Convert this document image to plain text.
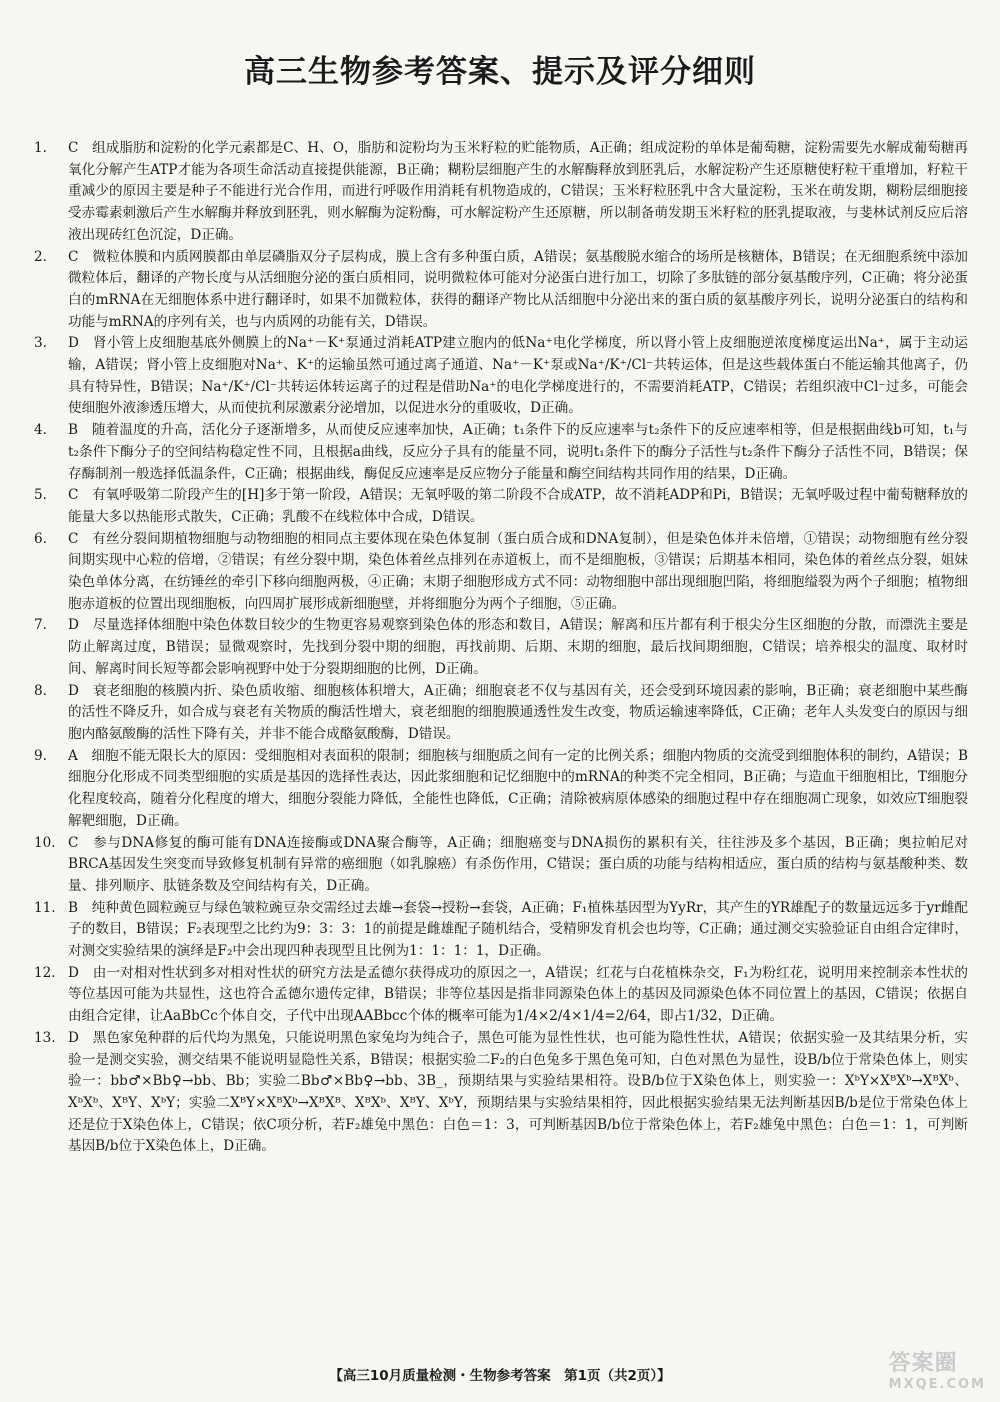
高三生物参考答案、提示及评分细则

1. C　 组成脂肪和淀粉的化学元素都是C、H、O，脂肪和淀粉均为玉米籽粒的贮能物质，A正确；组成淀粉的单体是葡萄糖，淀粉需要先水解成葡萄糖再氧化分解产生ATP才能为各项生命活动直接提供能源，B正确；糊粉层细胞产生的水解酶释放到胚乳后，水解淀粉产生还原糖使籽粒干重增加，籽粒干重减少的原因主要是种子不能进行光合作用，而进行呼吸作用消耗有机物造成的，C错误；玉米籽粒胚乳中含大量淀粉，玉米在萌发期，糊粉层细胞接受赤霉素刺激后产生水解酶并释放到胚乳，则水解酶为淀粉酶，可水解淀粉产生还原糖，所以制备萌发期玉米籽粒的胚乳提取液，与斐林试剂反应后溶液出现砖红色沉淀，D正确。

2. C　 微粒体膜和内质网膜都由单层磷脂双分子层构成，膜上含有多种蛋白质，A错误；氨基酸脱水缩合的场所是核糖体，B错误；在无细胞系统中添加微粒体后，翻译的产物长度与从活细胞分泌的蛋白质相同，说明微粒体可能对分泌蛋白进行加工，切除了多肽链的部分氨基酸序列，C正确；将分泌蛋白的mRNA在无细胞体系中进行翻译时，如果不加微粒体，获得的翻译产物比从活细胞中分泌出来的蛋白质的氨基酸序列长，说明分泌蛋白的结构和功能与mRNA的序列有关，也与内质网的功能有关，D错误。

3. D　 肾小管上皮细胞基底外侧膜上的Na⁺－K⁺泵通过消耗ATP建立胞内的低Na⁺电化学梯度，所以肾小管上皮细胞逆浓度梯度运出Na⁺，属于主动运输，A错误；肾小管上皮细胞对Na⁺、K⁺的运输虽然可通过离子通道、Na⁺－K⁺泵或Na⁺/K⁺/Cl⁻共转运体，但是这些载体蛋白不能运输其他离子，仍具有特异性，B错误；Na⁺/K⁺/Cl⁻共转运体转运离子的过程是借助Na⁺的电化学梯度进行的，不需要消耗ATP，C错误；若组织液中Cl⁻过多，可能会使细胞外液渗透压增大，从而使抗利尿激素分泌增加，以促进水分的重吸收，D正确。

4. B　 随着温度的升高，活化分子逐渐增多，从而使反应速率加快，A正确；t₁条件下的反应速率与t₂条件下的反应速率相等，但是根据曲线b可知，t₁与t₂条件下酶分子的空间结构稳定性不同，且根据a曲线，反应分子具有的能量不同，说明t₁条件下的酶分子活性与t₂条件下酶分子活性不同，B错误；保存酶制剂一般选择低温条件，C正确；根据曲线，酶促反应速率是反应物分子能量和酶空间结构共同作用的结果，D正确。

5. C　 有氧呼吸第二阶段产生的[H]多于第一阶段，A错误；无氧呼吸的第二阶段不合成ATP，故不消耗ADP和Pi，B错误；无氧呼吸过程中葡萄糖释放的能量大多以热能形式散失，C正确；乳酸不在线粒体中合成，D错误。

6. C　 有丝分裂间期植物细胞与动物细胞的相同点主要体现在染色体复制（蛋白质合成和DNA复制），但是染色体并未倍增，①错误；动物细胞有丝分裂间期实现中心粒的倍增，②错误；有丝分裂中期，染色体着丝点排列在赤道板上，而不是细胞板，③错误；后期基本相同，染色体的着丝点分裂，姐妹染色单体分离，在纺锤丝的牵引下移向细胞两极，④正确；末期子细胞形成方式不同：动物细胞中部出现细胞凹陷，将细胞缢裂为两个子细胞；植物细胞赤道板的位置出现细胞板，向四周扩展形成新细胞壁，并将细胞分为两个子细胞，⑤正确。

7. D　 尽量选择体细胞中染色体数目较少的生物更容易观察到染色体的形态和数目，A错误；解离和压片都有利于根尖分生区细胞的分散，而漂洗主要是防止解离过度，B错误；显微观察时，先找到分裂中期的细胞，再找前期、后期、末期的细胞，最后找间期细胞，C错误；培养根尖的温度、取材时间、解离时间长短等都会影响视野中处于分裂期细胞的比例，D正确。

8. D　 衰老细胞的核膜内折、染色质收缩、细胞核体积增大，A正确；细胞衰老不仅与基因有关，还会受到环境因素的影响，B正确；衰老细胞中某些酶的活性不降反升，如合成与衰老有关物质的酶活性增大，衰老细胞的细胞膜通透性发生改变，物质运输速率降低，C正确；老年人头发变白的原因与细胞内酪氨酸酶的活性下降有关，并非不能合成酪氨酸酶，D错误。

9. A　 细胞不能无限长大的原因：受细胞相对表面积的限制；细胞核与细胞质之间有一定的比例关系；细胞内物质的交流受到细胞体积的制约，A错误；B细胞分化形成不同类型细胞的实质是基因的选择性表达，因此浆细胞和记忆细胞中的mRNA的种类不完全相同，B正确；与造血干细胞相比，T细胞分化程度较高，随着分化程度的增大，细胞分裂能力降低，全能性也降低，C正确；清除被病原体感染的细胞过程中存在细胞凋亡现象，如效应T细胞裂解靶细胞，D正确。

10. C　 参与DNA修复的酶可能有DNA连接酶或DNA聚合酶等，A正确；细胞癌变与DNA损伤的累积有关，往往涉及多个基因，B正确；奥拉帕尼对BRCA基因发生突变而导致修复机制有异常的癌细胞（如乳腺癌）有杀伤作用，C错误；蛋白质的功能与结构相适应，蛋白质的结构与氨基酸种类、数量、排列顺序、肽链条数及空间结构有关，D正确。

11. B　 纯种黄色圆粒豌豆与绿色皱粒豌豆杂交需经过去雄→套袋→授粉→套袋，A正确；F₁植株基因型为YyRr，其产生的YR雄配子的数量远远多于yr雌配子的数目，B错误；F₂表现型之比约为9：3：3：1的前提是雌雄配子随机结合，受精卵发育机会也均等，C正确；通过测交实验验证自由组合定律时，对测交实验结果的演绎是F₂中会出现四种表现型且比例为1：1：1：1，D正确。

12. D　 由一对相对性状到多对相对性状的研究方法是孟德尔获得成功的原因之一，A错误；红花与白花植株杂交，F₁为粉红花，说明用来控制亲本性状的等位基因可能为共显性，这也符合孟德尔遗传定律，B错误；非等位基因是指非同源染色体上的基因及同源染色体不同位置上的基因，C错误；依据自由组合定律，让AaBbCc个体自交，子代中出现AABbcc个体的概率可能为1/4×2/4×1/4=2/64，即占1/32，D正确。

13. D　 黑色家兔种群的后代均为黑兔，只能说明黑色家兔均为纯合子，黑色可能为显性性状，也可能为隐性性状，A错误；依据实验一及其结果分析，实验一是测交实验，测交结果不能说明显隐性关系，B错误；根据实验二F₂的白色兔多于黑色兔可知，白色对黑色为显性，设B/b位于常染色体上，则实验一：bb♂×Bb♀→bb、Bb；实验二Bb♂×Bb♀→bb、3B_，预期结果与实验结果相符。设B/b位于X染色体上，则实验一：XᵇY×XᴮXᵇ→XᴮXᵇ、XᵇXᵇ、XᴮY、XᵇY；实验二XᴮY×XᴮXᵇ→XᴮXᴮ、XᴮXᵇ、XᴮY、XᵇY，预期结果与实验结果相符，因此根据实验结果无法判断基因B/b是位于常染色体上还是位于X染色体上，C错误；依C项分析，若F₂雄兔中黑色：白色＝1：3，可判断基因B/b位于常染色体上，若F₂雄兔中黑色：白色＝1：1，可判断基因B/b位于X染色体上，D正确。

【高三10月质量检测・生物参考答案　第1页（共2页）】	答案圈
MXQE.COM
